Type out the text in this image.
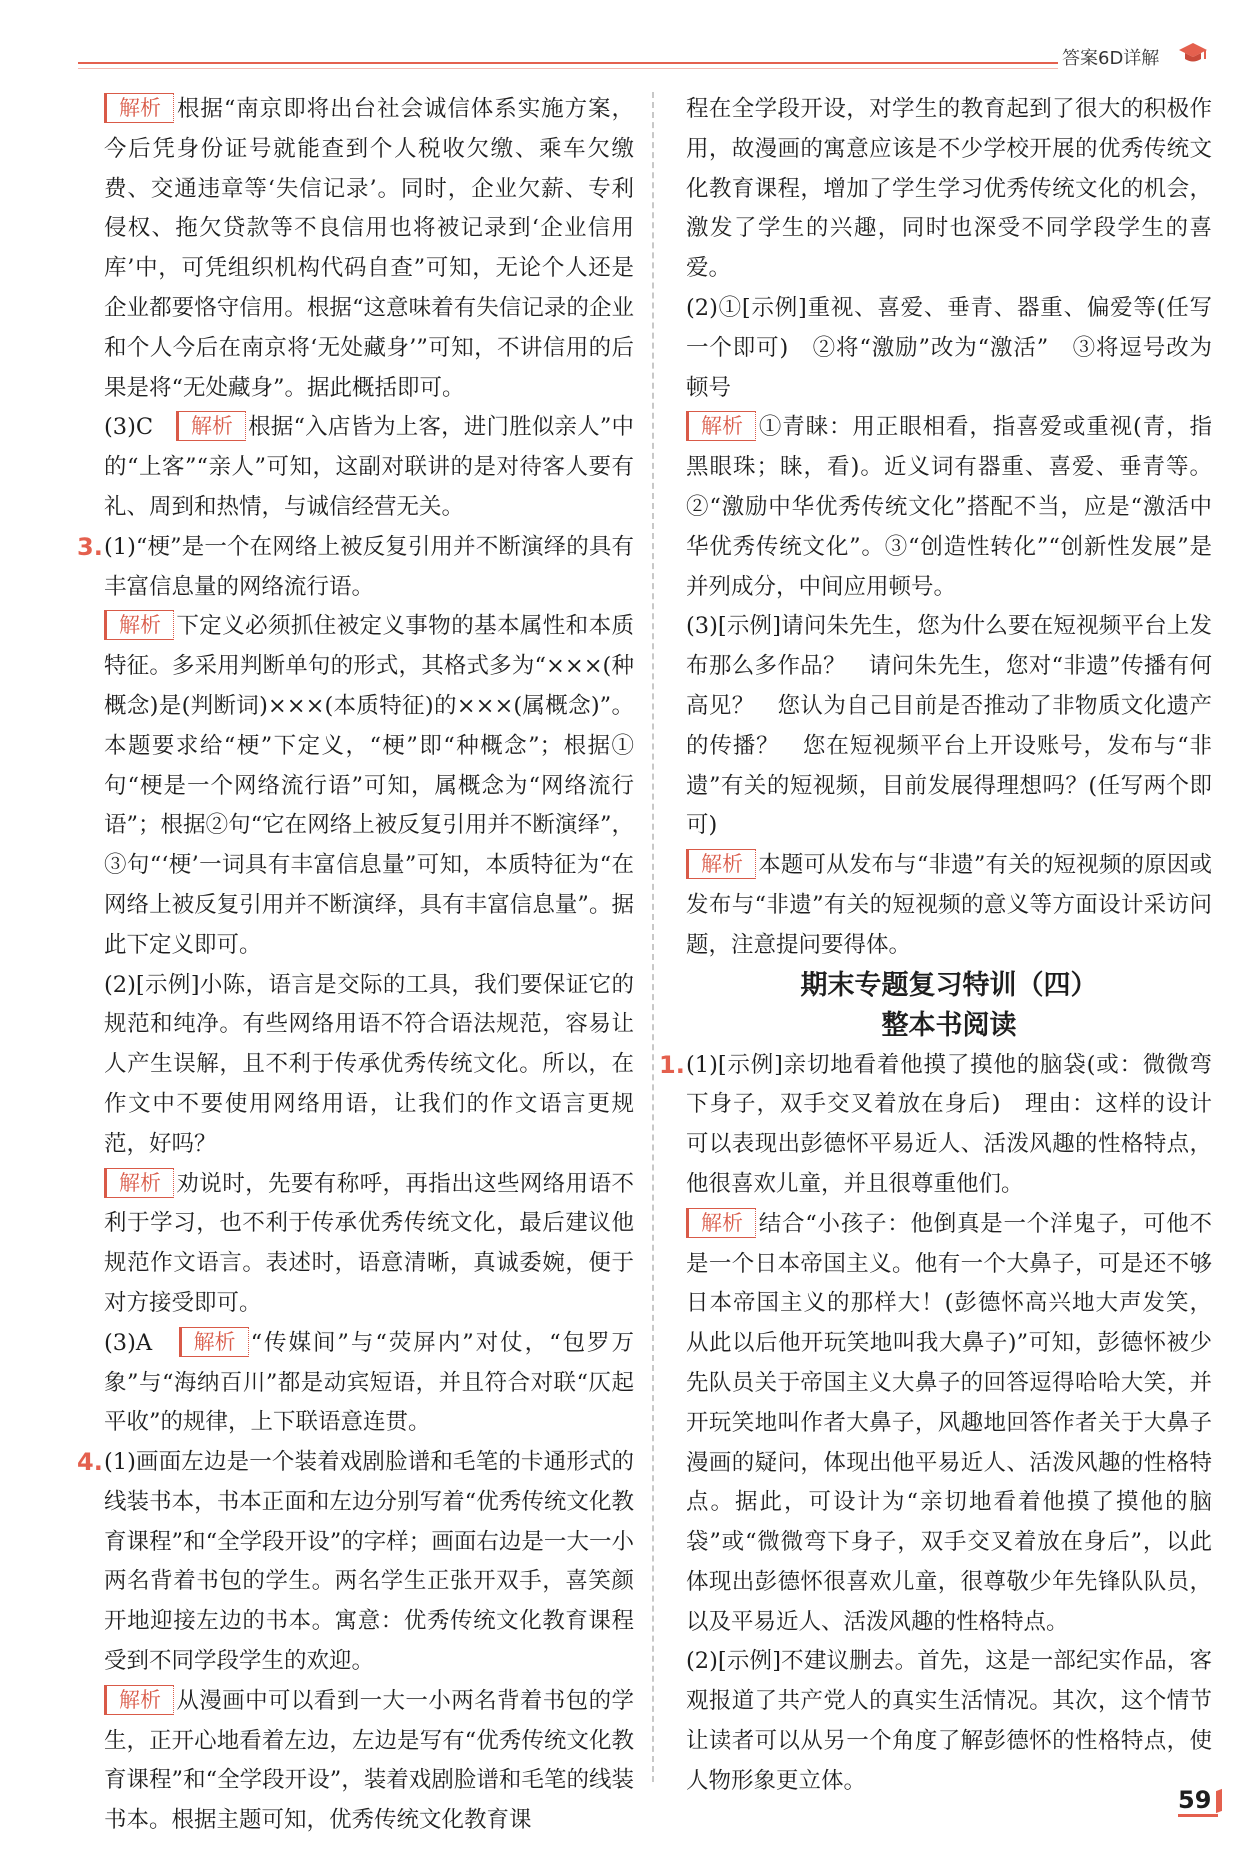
答案6D详解

解析 根据“南京即将出台社会诚信体系实施方案，今后凭身份证号就能查到个人税收欠缴、乘车欠缴费、交通违章等‘失信记录’。同时，企业欠薪、专利侵权、拖欠贷款等不良信用也将被记录到‘企业信用库’中，可凭组织机构代码自查”可知，无论个人还是企业都要恪守信用。根据“这意味着有失信记录的企业和个人今后在南京将‘无处藏身’”可知，不讲信用的后果是将“无处藏身”。据此概括即可。

(3)C　解析 根据“入店皆为上客，进门胜似亲人”中的“上客”“亲人”可知，这副对联讲的是对待客人要有礼、周到和热情，与诚信经营无关。

3. (1)“梗”是一个在网络上被反复引用并不断演绎的具有丰富信息量的网络流行语。

解析 下定义必须抓住被定义事物的基本属性和本质特征。多采用判断单句的形式，其格式多为“×××(种概念)是(判断词)×××(本质特征)的×××(属概念)”。本题要求给“梗”下定义，“梗”即“种概念”；根据①句“梗是一个网络流行语”可知，属概念为“网络流行语”；根据②句“它在网络上被反复引用并不断演绎”，③句“‘梗’一词具有丰富信息量”可知，本质特征为“在网络上被反复引用并不断演绎，具有丰富信息量”。据此下定义即可。

(2)[示例]小陈，语言是交际的工具，我们要保证它的规范和纯净。有些网络用语不符合语法规范，容易让人产生误解，且不利于传承优秀传统文化。所以，在作文中不要使用网络用语，让我们的作文语言更规范，好吗？

解析 劝说时，先要有称呼，再指出这些网络用语不利于学习，也不利于传承优秀传统文化，最后建议他规范作文语言。表述时，语意清晰，真诚委婉，便于对方接受即可。

(3)A　解析 “传媒间”与“荧屏内”对仗，“包罗万象”与“海纳百川”都是动宾短语，并且符合对联“仄起平收”的规律，上下联语意连贯。

4. (1)画面左边是一个装着戏剧脸谱和毛笔的卡通形式的线装书本，书本正面和左边分别写着“优秀传统文化教育课程”和“全学段开设”的字样；画面右边是一大一小两名背着书包的学生。两名学生正张开双手，喜笑颜开地迎接左边的书本。寓意：优秀传统文化教育课程受到不同学段学生的欢迎。

解析 从漫画中可以看到一大一小两名背着书包的学生，正开心地看着左边，左边是写有“优秀传统文化教育课程”和“全学段开设”，装着戏剧脸谱和毛笔的线装书本。根据主题可知，优秀传统文化教育课

程在全学段开设，对学生的教育起到了很大的积极作用，故漫画的寓意应该是不少学校开展的优秀传统文化教育课程，增加了学生学习优秀传统文化的机会，激发了学生的兴趣，同时也深受不同学段学生的喜爱。

(2)①[示例]重视、喜爱、垂青、器重、偏爱等(任写一个即可)　②将“激励”改为“激活”　③将逗号改为顿号

解析 ①青睐：用正眼相看，指喜爱或重视(青，指黑眼珠；睐，看)。近义词有器重、喜爱、垂青等。②“激励中华优秀传统文化”搭配不当，应是“激活中华优秀传统文化”。③“创造性转化”“创新性发展”是并列成分，中间应用顿号。

(3)[示例]请问朱先生，您为什么要在短视频平台上发布那么多作品？　请问朱先生，您对“非遗”传播有何高见？　您认为自己目前是否推动了非物质文化遗产的传播？　您在短视频平台上开设账号，发布与“非遗”有关的短视频，目前发展得理想吗？(任写两个即可)

解析 本题可从发布与“非遗”有关的短视频的原因或发布与“非遗”有关的短视频的意义等方面设计采访问题，注意提问要得体。

期末专题复习特训（四）
整本书阅读

1. (1)[示例]亲切地看着他摸了摸他的脑袋(或：微微弯下身子，双手交叉着放在身后)　理由：这样的设计可以表现出彭德怀平易近人、活泼风趣的性格特点，他很喜欢儿童，并且很尊重他们。

解析 结合“小孩子：他倒真是一个洋鬼子，可他不是一个日本帝国主义。他有一个大鼻子，可是还不够日本帝国主义的那样大！(彭德怀高兴地大声发笑，从此以后他开玩笑地叫我大鼻子)”可知，彭德怀被少先队员关于帝国主义大鼻子的回答逗得哈哈大笑，并开玩笑地叫作者大鼻子，风趣地回答作者关于大鼻子漫画的疑问，体现出他平易近人、活泼风趣的性格特点。据此，可设计为“亲切地看着他摸了摸他的脑袋”或“微微弯下身子，双手交叉着放在身后”，以此体现出彭德怀很喜欢儿童，很尊敬少年先锋队队员，以及平易近人、活泼风趣的性格特点。

(2)[示例]不建议删去。首先，这是一部纪实作品，客观报道了共产党人的真实生活情况。其次，这个情节让读者可以从另一个角度了解彭德怀的性格特点，使人物形象更立体。

59
